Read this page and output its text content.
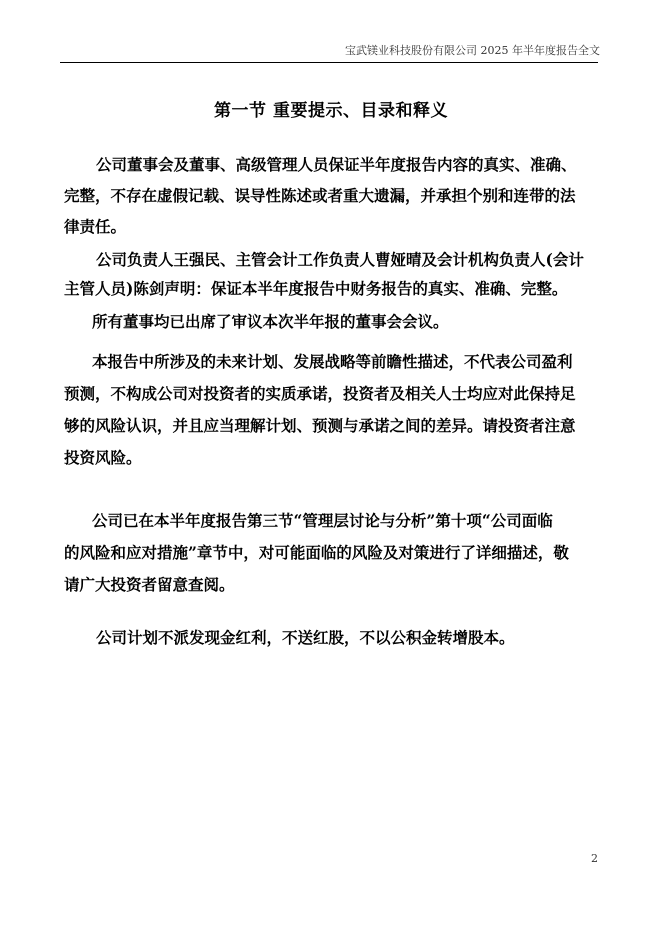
宝武镁业科技股份有限公司 2025 年半年度报告全文
第一节 重要提示、目录和释义
公司董事会及董事、高级管理人员保证半年度报告内容的真实、准确、
完整，不存在虚假记载、误导性陈述或者重大遗漏，并承担个别和连带的法
律责任。
公司负责人王强民、主管会计工作负责人曹娅晴及会计机构负责人(会计
主管人员)陈剑声明：保证本半年度报告中财务报告的真实、准确、完整。
所有董事均已出席了审议本次半年报的董事会会议。
本报告中所涉及的未来计划、发展战略等前瞻性描述，不代表公司盈利
预测，不构成公司对投资者的实质承诺，投资者及相关人士均应对此保持足
够的风险认识，并且应当理解计划、预测与承诺之间的差异。请投资者注意
投资风险。
公司已在本半年度报告第三节“管理层讨论与分析”第十项“公司面临
的风险和应对措施”章节中，对可能面临的风险及对策进行了详细描述，敬
请广大投资者留意查阅。
公司计划不派发现金红利，不送红股，不以公积金转增股本。
2
